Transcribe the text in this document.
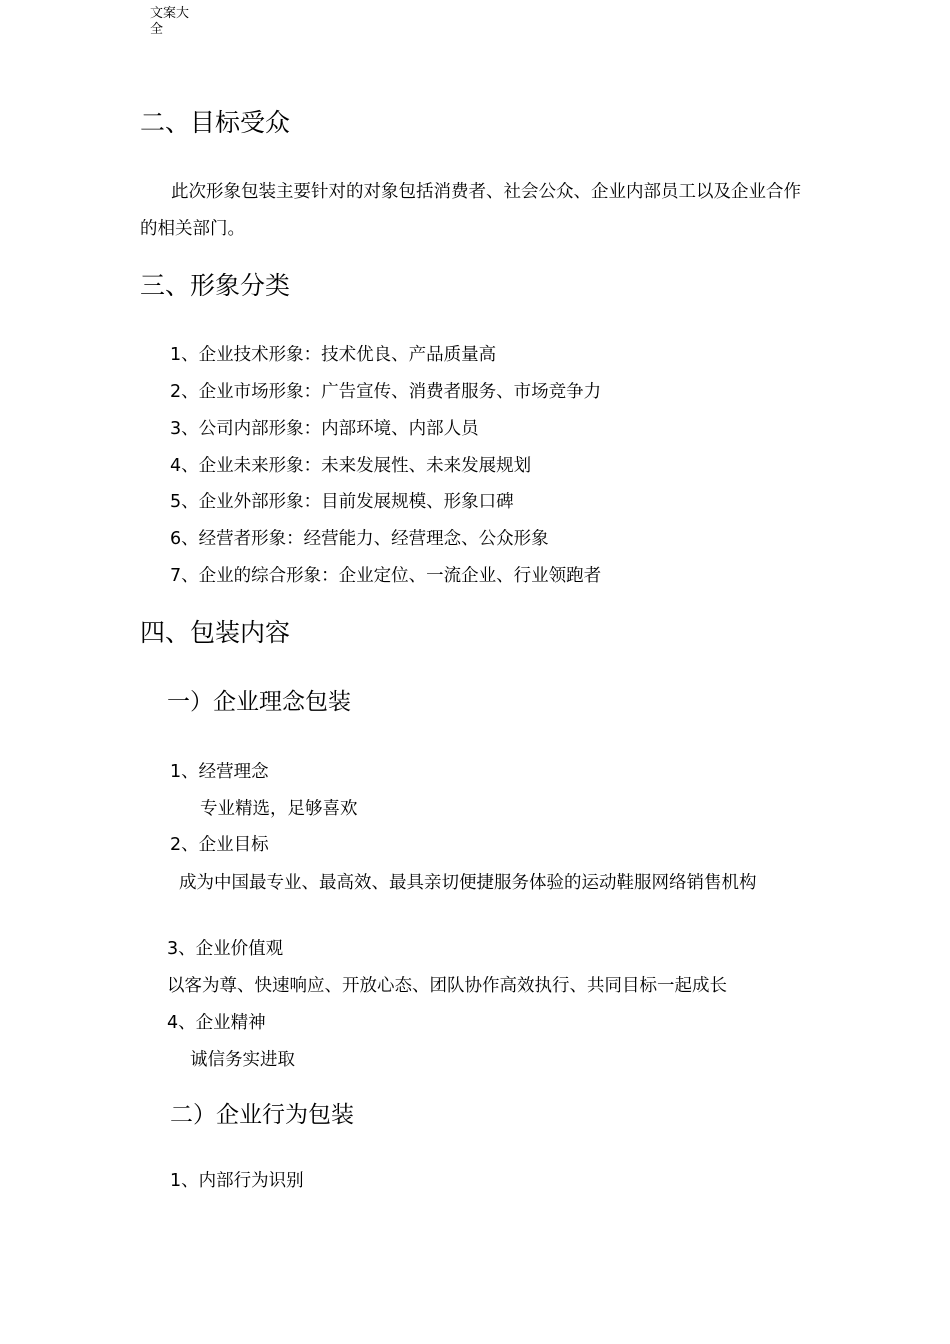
文案大全
二、目标受众
此次形象包装主要针对的对象包括消费者、社会公众、企业内部员工以及企业合作的相关部门。
三、形象分类
1、企业技术形象：技术优良、产品质量高
2、企业市场形象：广告宣传、消费者服务、市场竞争力
3、公司内部形象：内部环境、内部人员
4、企业未来形象：未来发展性、未来发展规划
5、企业外部形象：目前发展规模、形象口碑
6、经营者形象：经营能力、经营理念、公众形象
7、企业的综合形象：企业定位、一流企业、行业领跑者
四、包装内容
一）企业理念包装
1、经营理念
专业精选，足够喜欢
2、企业目标
成为中国最专业、最高效、最具亲切便捷服务体验的运动鞋服网络销售机构
3、企业价值观
以客为尊、快速响应、开放心态、团队协作高效执行、共同目标一起成长
4、企业精神
诚信务实进取
二）企业行为包装
1、内部行为识别
